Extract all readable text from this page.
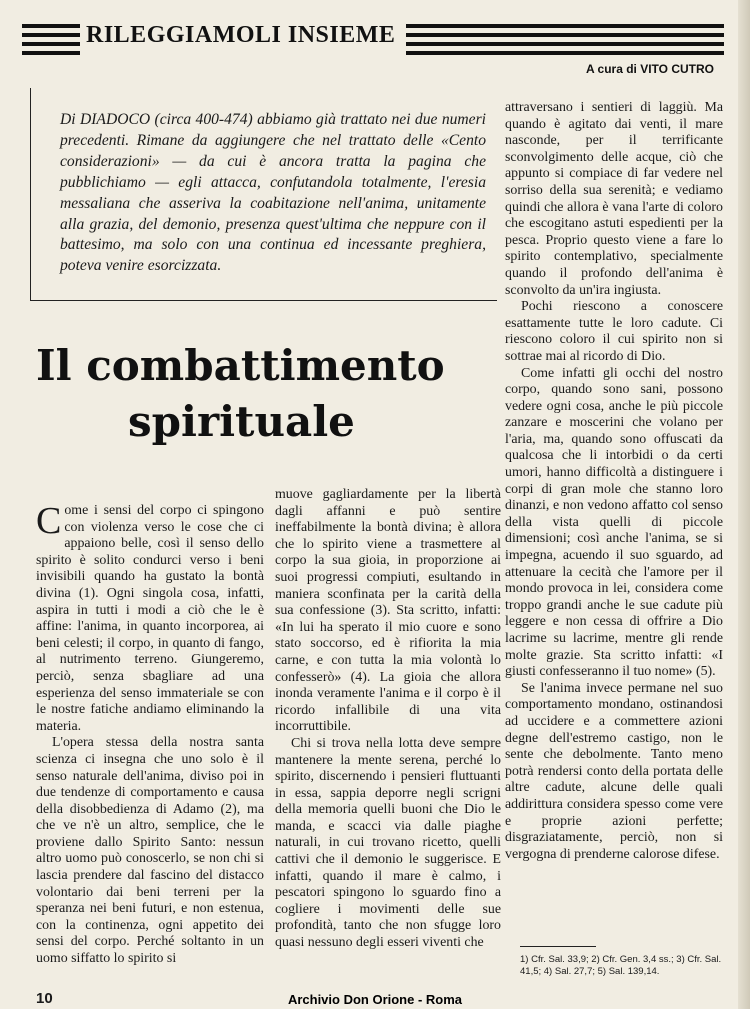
RILEGGIAMOLI INSIEME
A cura di VITO CUTRO

Di DIADOCO (circa 400-474) abbiamo già trattato nei due numeri precedenti. Rimane da aggiungere che nel trattato delle «Cento considerazioni» — da cui è ancora tratta la pagina che pubblichiamo — egli attacca, confutandola totalmente, l'eresia messaliana che asseriva la coabitazione nell'anima, unitamente alla grazia, del demonio, presenza quest'ultima che neppure con il battesimo, ma solo con una continua ed incessante preghiera, poteva venire esorcizzata.

Il combattimento
spirituale

Come i sensi del corpo ci spingono con violenza verso le cose che ci appaiono belle, così il senso dello spirito è solito condurci verso i beni invisibili quando ha gustato la bontà divina (1). Ogni singola cosa, infatti, aspira in tutti i modi a ciò che le è affine: l'anima, in quanto incorporea, ai beni celesti; il corpo, in quanto di fango, al nutrimento terreno. Giungeremo, perciò, senza sbagliare ad una esperienza del senso immateriale se con le nostre fatiche andiamo eliminando la materia.

L'opera stessa della nostra santa scienza ci insegna che uno solo è il senso naturale dell'anima, diviso poi in due tendenze di comportamento e causa della disobbedienza di Adamo (2), ma che ve n'è un altro, semplice, che le proviene dallo Spirito Santo: nessun altro uomo può conoscerlo, se non chi si lascia prendere dal fascino del distacco volontario dai beni terreni per la speranza nei beni futuri, e non estenua, con la continenza, ogni appetito dei sensi del corpo. Perché soltanto in un uomo siffatto lo spirito si

muove gagliardamente per la libertà dagli affanni e può sentire ineffabilmente la bontà divina; è allora che lo spirito viene a trasmettere al corpo la sua gioia, in proporzione ai suoi progressi compiuti, esultando in maniera sconfinata per la carità della sua confessione (3). Sta scritto, infatti: «In lui ha sperato il mio cuore e sono stato soccorso, ed è rifiorita la mia carne, e con tutta la mia volontà lo confesserò» (4). La gioia che allora inonda veramente l'anima e il corpo è il ricordo infallibile di una vita incorruttibile.

Chi si trova nella lotta deve sempre mantenere la mente serena, perché lo spirito, discernendo i pensieri fluttuanti in essa, sappia deporre negli scrigni della memoria quelli buoni che Dio le manda, e scacci via dalle piaghe naturali, in cui trovano ricetto, quelli cattivi che il demonio le suggerisce. E infatti, quando il mare è calmo, i pescatori spingono lo sguardo fino a cogliere i movimenti delle sue profondità, tanto che non sfugge loro quasi nessuno degli esseri viventi che

attraversano i sentieri di laggiù. Ma quando è agitato dai venti, il mare nasconde, per il terrificante sconvolgimento delle acque, ciò che appunto si compiace di far vedere nel sorriso della sua serenità; e vediamo quindi che allora è vana l'arte di coloro che escogitano astuti espedienti per la pesca. Proprio questo viene a fare lo spirito contemplativo, specialmente quando il profondo dell'anima è sconvolto da un'ira ingiusta.

Pochi riescono a conoscere esattamente tutte le loro cadute. Ci riescono coloro il cui spirito non si sottrae mai al ricordo di Dio.

Come infatti gli occhi del nostro corpo, quando sono sani, possono vedere ogni cosa, anche le più piccole zanzare e moscerini che volano per l'aria, ma, quando sono offuscati da qualcosa che li intorbidi o da certi umori, hanno difficoltà a distinguere i corpi di gran mole che stanno loro dinanzi, e non vedono affatto col senso della vista quelli di piccole dimensioni; così anche l'anima, se si impegna, acuendo il suo sguardo, ad attenuare la cecità che l'amore per il mondo provoca in lei, considera come troppo grandi anche le sue cadute più leggere e non cessa di offrire a Dio lacrime su lacrime, mentre gli rende molte grazie. Sta scritto infatti: «I giusti confesseranno il tuo nome» (5).

Se l'anima invece permane nel suo comportamento mondano, ostinandosi ad uccidere e a commettere azioni degne dell'estremo castigo, non le sente che debolmente. Tanto meno potrà rendersi conto della portata delle altre cadute, alcune delle quali addirittura considera spesso come vere e proprie azioni perfette; disgraziatamente, perciò, non si vergogna di prenderne calorose difese.

1) Cfr. Sal. 33,9; 2) Cfr. Gen. 3,4 ss.; 3) Cfr. Sal. 41,5; 4) Sal. 27,7; 5) Sal. 139,14.

10	Archivio Don Orione - Roma
